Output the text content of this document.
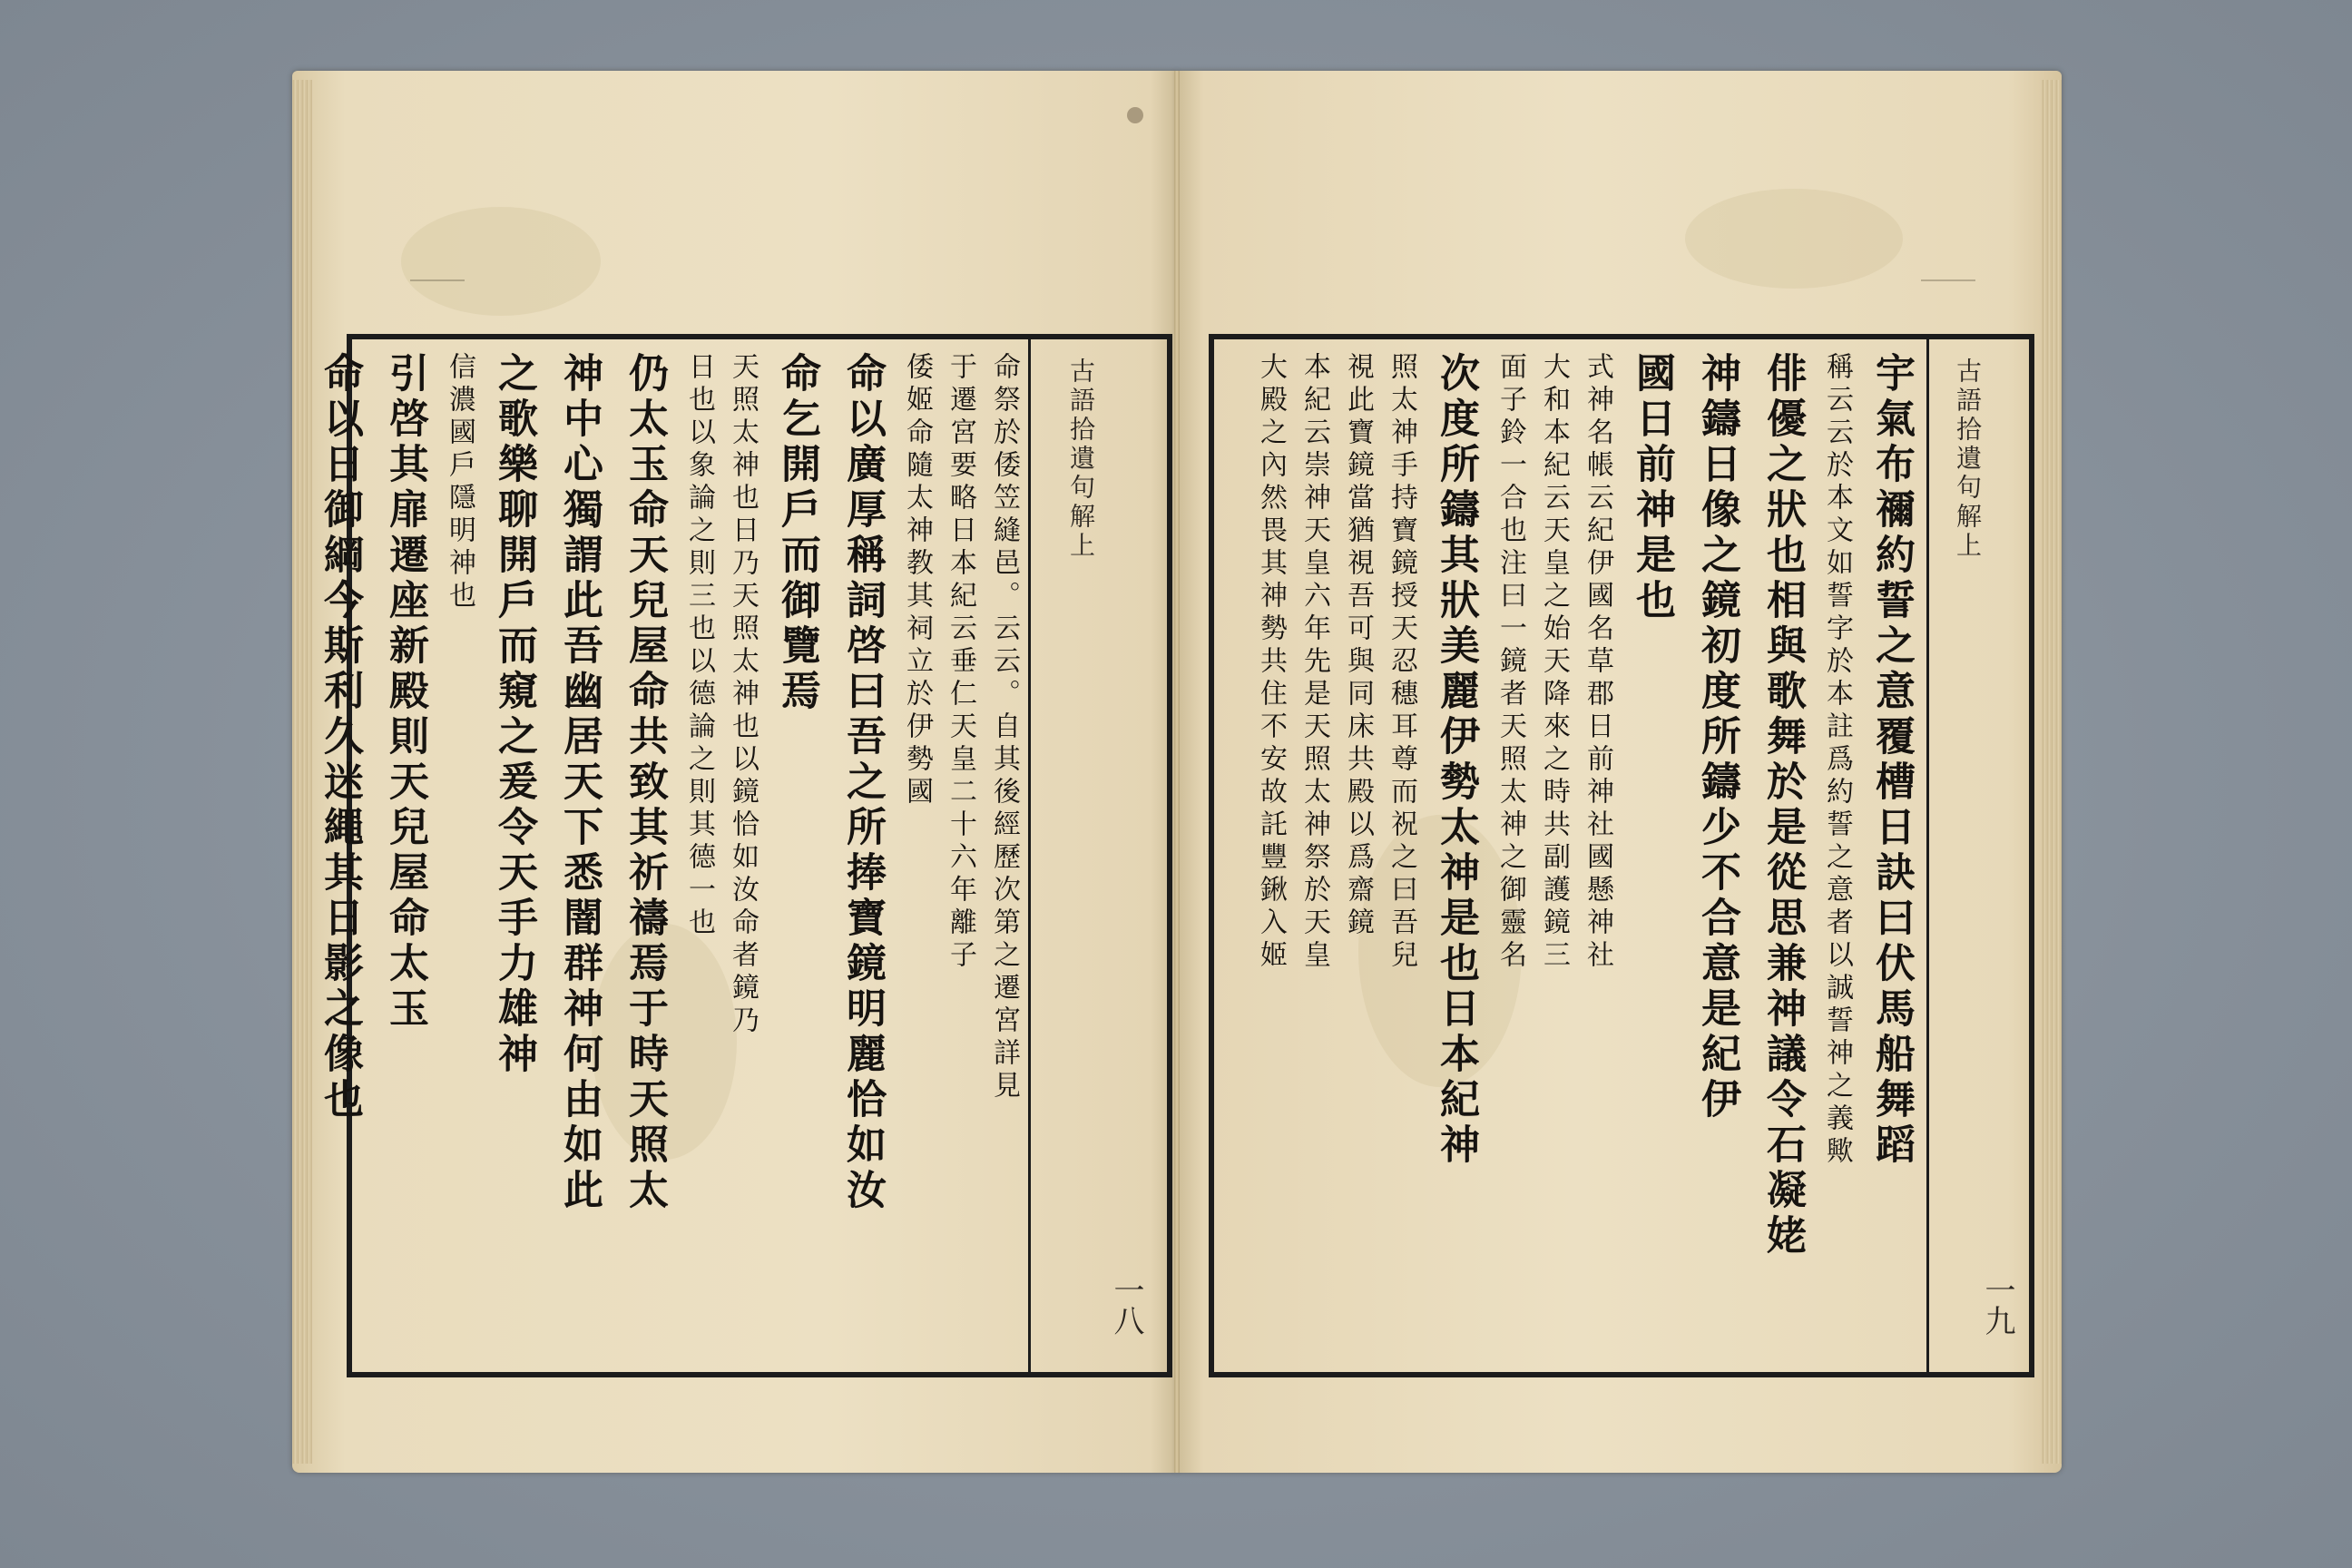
命祭於倭笠縫邑。云云。自其後經歷次第之遷宮詳見
于遷宮要略日本紀云垂仁天皇二十六年離子
倭姬命隨太神教其祠立於伊勢國
命以廣厚稱詞啓曰吾之所捧寶鏡明麗恰如汝
命乞開戶而御覽焉
天照太神也日乃天照太神也以鏡恰如汝命者鏡乃
日也以象論之則三也以德論之則其德一也
仍太玉命天兒屋命共致其祈禱焉于時天照太
神中心獨謂此吾幽居天下悉闇群神何由如此
之歌樂聊開戶而窺之爰令天手力雄神
信濃國戶隱明神也
引啓其扉遷座新殿則天兒屋命太玉
命以日御綱今斯利久迷繩其日影之像也	古語拾遺句解上
一八
宇氣布禰約誓之意覆槽日訣曰伏馬船舞蹈
稱云云於本文如誓字於本註爲約誓之意者以誠誓神之義歟
俳優之狀也相與歌舞於是從思兼神議令石凝姥
神鑄日像之鏡初度所鑄少不合意是紀伊
國日前神是也
式神名帳云紀伊國名草郡日前神社國懸神社
大和本紀云天皇之始天降來之時共副護鏡三
面子鈴一合也注曰一鏡者天照太神之御靈名
次度所鑄其狀美麗伊勢太神是也日本紀神
照太神手持寶鏡授天忍穗耳尊而祝之曰吾兒
視此寶鏡當猶視吾可與同床共殿以爲齋鏡
本紀云崇神天皇六年先是天照太神祭於天皇
大殿之內然畏其神勢共住不安故託豐鍬入姬	古語拾遺句解上
一九
